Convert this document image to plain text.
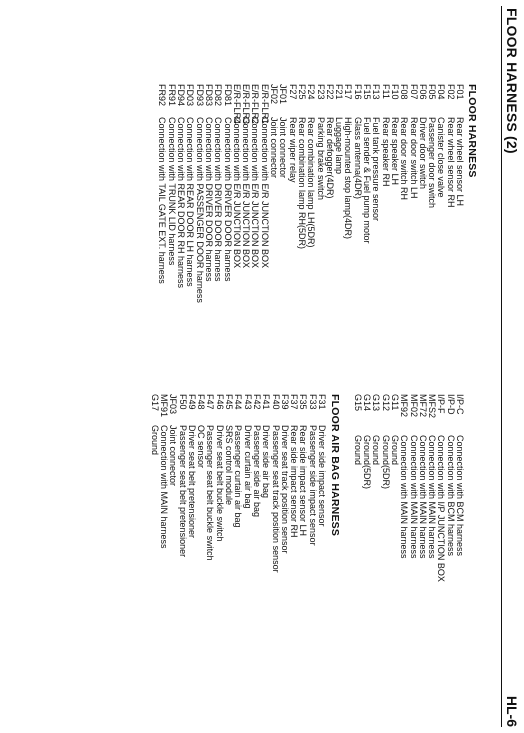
FLOOR HARNESS (2)
HL-6
FLOOR HARNESS
F01
Rear wheel sensor LH
F02
Rear wheel sensor RH
F04
Canister close valve
F05
Passenger door switch
F06
Driver door switch
F07
Rear door switch LH
F08
Rear door switch RH
F10
Rear speaker LH
F11
Rear speaker RH
F13
Fuel tank pressure sensor
F15
Fuel sender & Fuel pump motor
F16
Glass antenna(4DR)
F17
High-mounted stop lamp(4DR)
F21
Luggage lamp
F22
Rear defogger(4DR)
F23
Parking brake switch
F24
Rear combination lamp LH(5DR)
F25
Rear combination lamp RH(5DR)
F27
Rear wiper relay
JF01
Joint connector
JF02
Joint connector
E/R-FLR1
Connection with E/R JUNCTION BOX
E/R-FLR2
Connection with E/R JUNCTION BOX
E/R-FLR3
Connection with E/R JUNCTION BOX
E/R-FLR4
Connection with E/R JUNCTION BOX
FD81
Connection with DRIVER DOOR harness
FD82
Connection with DRIVER DOOR harness
FD83
Connection with DRIVER DOOR harness
FD93
Connection with PASSENGER DOOR harness
FD03
Connection with REAR DOOR LH harness
FD94
Connection with REAR DOOR RH harness
FR91
Connection with TRUNK LID harness
FR92
Connection with TAIL GATE EXT. harness
I/P-C
Connection with BCM harness
I/P-D
Connection with BCM harness
I/P-F
Connection with I/P JUNCTION BOX
MFS2
Connection with MAIN harness
MF72
Connection with MAIN harness
MF02
Connection with MAIN harness
MF92
Connection with MAIN harness
G11
Ground
G12
Ground(5DR)
G13
Ground
G14
Ground(5DR)
G15
Ground
FLOOR AIR BAG HARNESS
F31
Driver side impact sensor
F33
Passenger side impact sensor
F35
Rear side impact sensor LH
F37
Rear side impact sensor RH
F39
Driver seat track position sensor
F40
Passenger seat track position sensor
F41
Driver side air bag
F42
Passenger side air bag
F43
Driver curtain air bag
F44
Passenger curtain air bag
F45
SRS control module
F46
Driver seat belt buckle switch
F47
Passenger seat belt buckle switch
F48
OC sensor
F49
Driver seat belt pretensioner
F50
Passenger seat belt pretensioner
JF03
Joint connector
MF91
Connection with MAIN harness
G17
Ground
